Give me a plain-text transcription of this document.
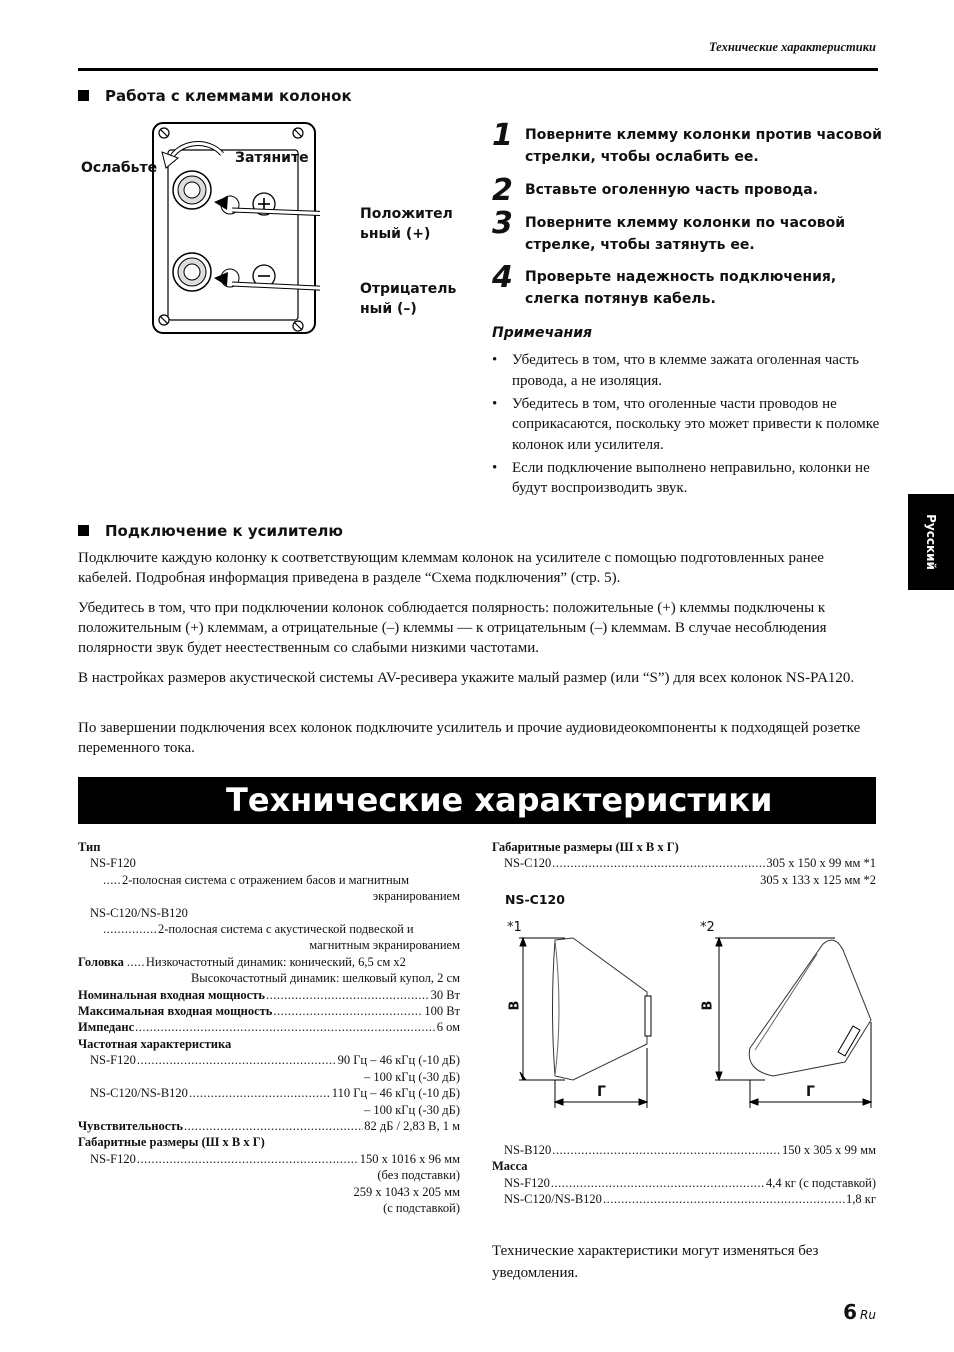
Технические характеристики
Русский
Работа с клеммами колонок
Ослабьте
Затяните
Положител
ьный (+)
Отрицатель
ный (–)
1 Поверните клемму колонки против часовой стрелки, чтобы ослабить ее.
2 Вставьте оголенную часть провода.
3 Поверните клемму колонки по часовой стрелке, чтобы затянуть ее.
4 Проверьте надежность подключения, слегка потянув кабель.
Примечания
• Убедитесь в том, что в клемме зажата оголенная часть провода, а не изоляция.
• Убедитесь в том, что оголенные части проводов не соприкасаются, поскольку это может привести к поломке колонок или усилителя.
• Если подключение выполнено неправильно, колонки не будут воспроизводить звук.
Подключение к усилителю

Подключите каждую колонку к соответствующим клеммам колонок на усилителе с помощью подготовленных ранее кабелей. Подробная информация приведена в разделе “Схема подключения” (стр. 5).

Убедитесь в том, что при подключении колонок соблюдается полярность: положительные (+) клеммы подключены к положительным (+) клеммам, а отрицательные (–) клеммы — к отрицательным (–) клеммам. В случае несоблюдения полярности звук будет неестественным со слабыми низкими частотами.

В настройках размеров акустической системы AV-ресивера укажите малый размер (или “S”) для всех колонок NS-PA120.

По завершении подключения всех колонок подключите усилитель и прочие аудиовидеокомпоненты к подходящей розетке переменного тока.

Технические характеристики
Тип
NS-F120
.....
2-полосная система с отражением басов и магнитным
экранированием
NS-C120/NS-B120
.....
2-полосная система с акустической подвеской и
магнитным экранированием
Головка ..... Низкочастотный динамик: конический, 6,5 см x2
Высокочастотный динамик: шелковый купол, 2 см
Номинальная входная мощность .....	30 Вт
Максимальная входная мощность .....	100 Вт
Импеданс .....	6 ом
Частотная характеристика
NS-F120 .....	90 Гц – 46 кГц (-10 дБ)
– 100 кГц (-30 дБ)
NS-C120/NS-B120 .....	110 Гц – 46 кГц (-10 дБ)
– 100 кГц (-30 дБ)
Чувствительность .....	82 дБ / 2,83 В, 1 м
Габаритные размеры (Ш x В x Г)
NS-F120 .....	150 x 1016 x 96 мм
(без подставки)
259 x 1043 x 205 мм
(с подставкой)
Габаритные размеры (Ш x В x Г)
NS-C120 .....	305 x 150 x 99 мм *1
305 x 133 x 125 мм *2
NS-C120
*1	*2
В	В
Г	Г
NS-B120 .....	150 x 305 x 99 мм
Масса
NS-F120 .....	4,4 кг (с подставкой)
NS-C120/NS-B120 .....	1,8 кг

Технические характеристики могут изменяться без уведомления.

6 Ru
